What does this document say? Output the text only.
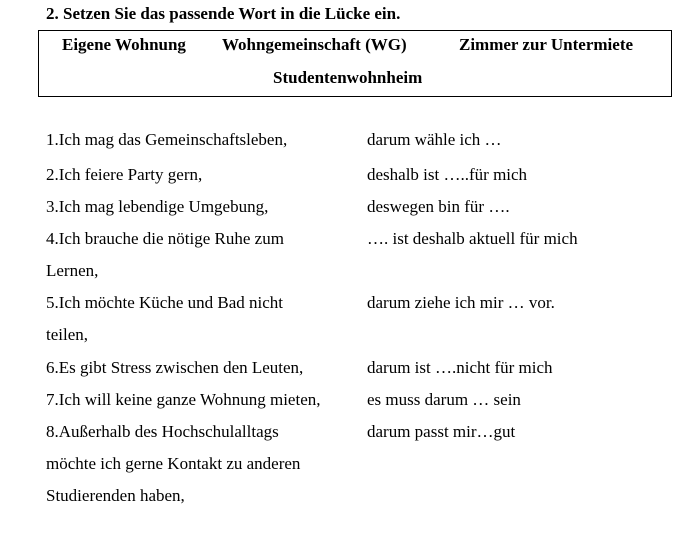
2. Setzen Sie das passende Wort in die Lücke ein.
Eigene Wohnung Wohngemeinschaft (WG)	Zimmer zur Untermiete
Studentenwohnheim
1.Ich mag das Gemeinschaftsleben,	darum wähle ich …
2.Ich feiere Party gern,	deshalb ist …..für mich
3.Ich mag lebendige Umgebung,	deswegen bin für ….
4.Ich brauche die nötige Ruhe zum	…. ist deshalb aktuell für mich
Lernen,
5.Ich möchte Küche und Bad nicht	darum ziehe ich mir … vor.
teilen,
6.Es gibt Stress zwischen den Leuten,	darum ist ….nicht für mich
7.Ich will keine ganze Wohnung mieten,	es muss darum … sein
8.Außerhalb des Hochschulalltags	darum passt mir…gut
möchte ich gerne Kontakt zu anderen
Studierenden haben,
